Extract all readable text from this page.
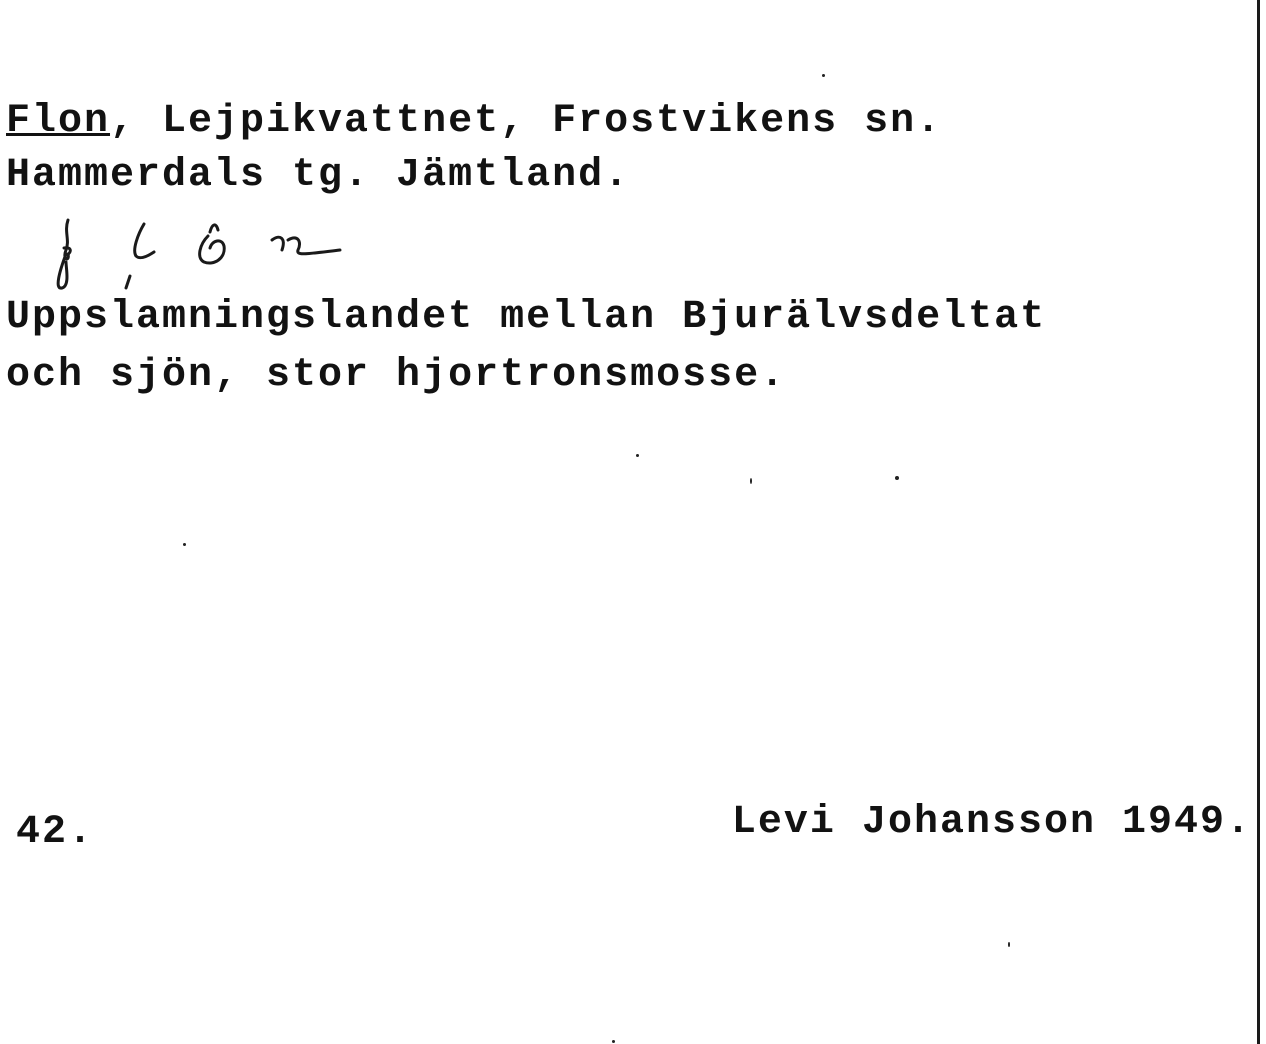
Flon, Lejpikvattnet, Frostvikens sn.
Hammerdals tg. Jämtland.
Uppslamningslandet mellan Bjurälvsdeltat
och sjön, stor hjortronsmosse.
42.	Levi Johansson 1949.
